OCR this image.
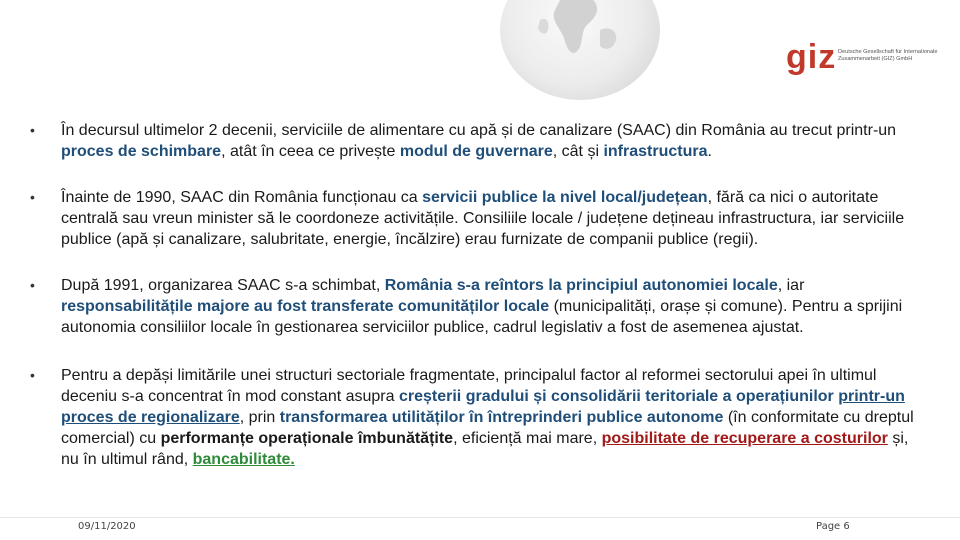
giz Deutsche Gesellschaft für Internationale Zusammenarbeit (GIZ) GmbH
•	În decursul ultimelor 2 decenii, serviciile de alimentare cu apă și de canalizare (SAAC) din România au trecut printr-un proces de schimbare, atât în ceea ce privește modul de guvernare, cât și infrastructura.
•	Înainte de 1990, SAAC din România funcționau ca servicii publice la nivel local/județean, fără ca nici o autoritate centrală sau vreun minister să le coordoneze activitățile. Consiliile locale / județene dețineau infrastructura, iar serviciile publice (apă și canalizare, salubritate, energie, încălzire) erau furnizate de companii publice (regii).
•	După 1991, organizarea SAAC s-a schimbat, România s-a reîntors la principiul autonomiei locale, iar responsabilitățile majore au fost transferate comunităților locale (municipalități, orașe și comune). Pentru a sprijini autonomia consiliilor locale în gestionarea serviciilor publice, cadrul legislativ a fost de asemenea ajustat.
•	Pentru a depăși limitările unei structuri sectoriale fragmentate, principalul factor al reformei sectorului apei în ultimul deceniu s-a concentrat în mod constant asupra creșterii gradului și consolidării teritoriale a operațiunilor printr-un proces de regionalizare, prin transformarea utilităților în întreprinderi publice autonome (în conformitate cu dreptul comercial) cu performanțe operaționale îmbunătățite, eficiență mai mare, posibilitate de recuperare a costurilor și, nu în ultimul rând, bancabilitate.
09/11/2020	Page 6
